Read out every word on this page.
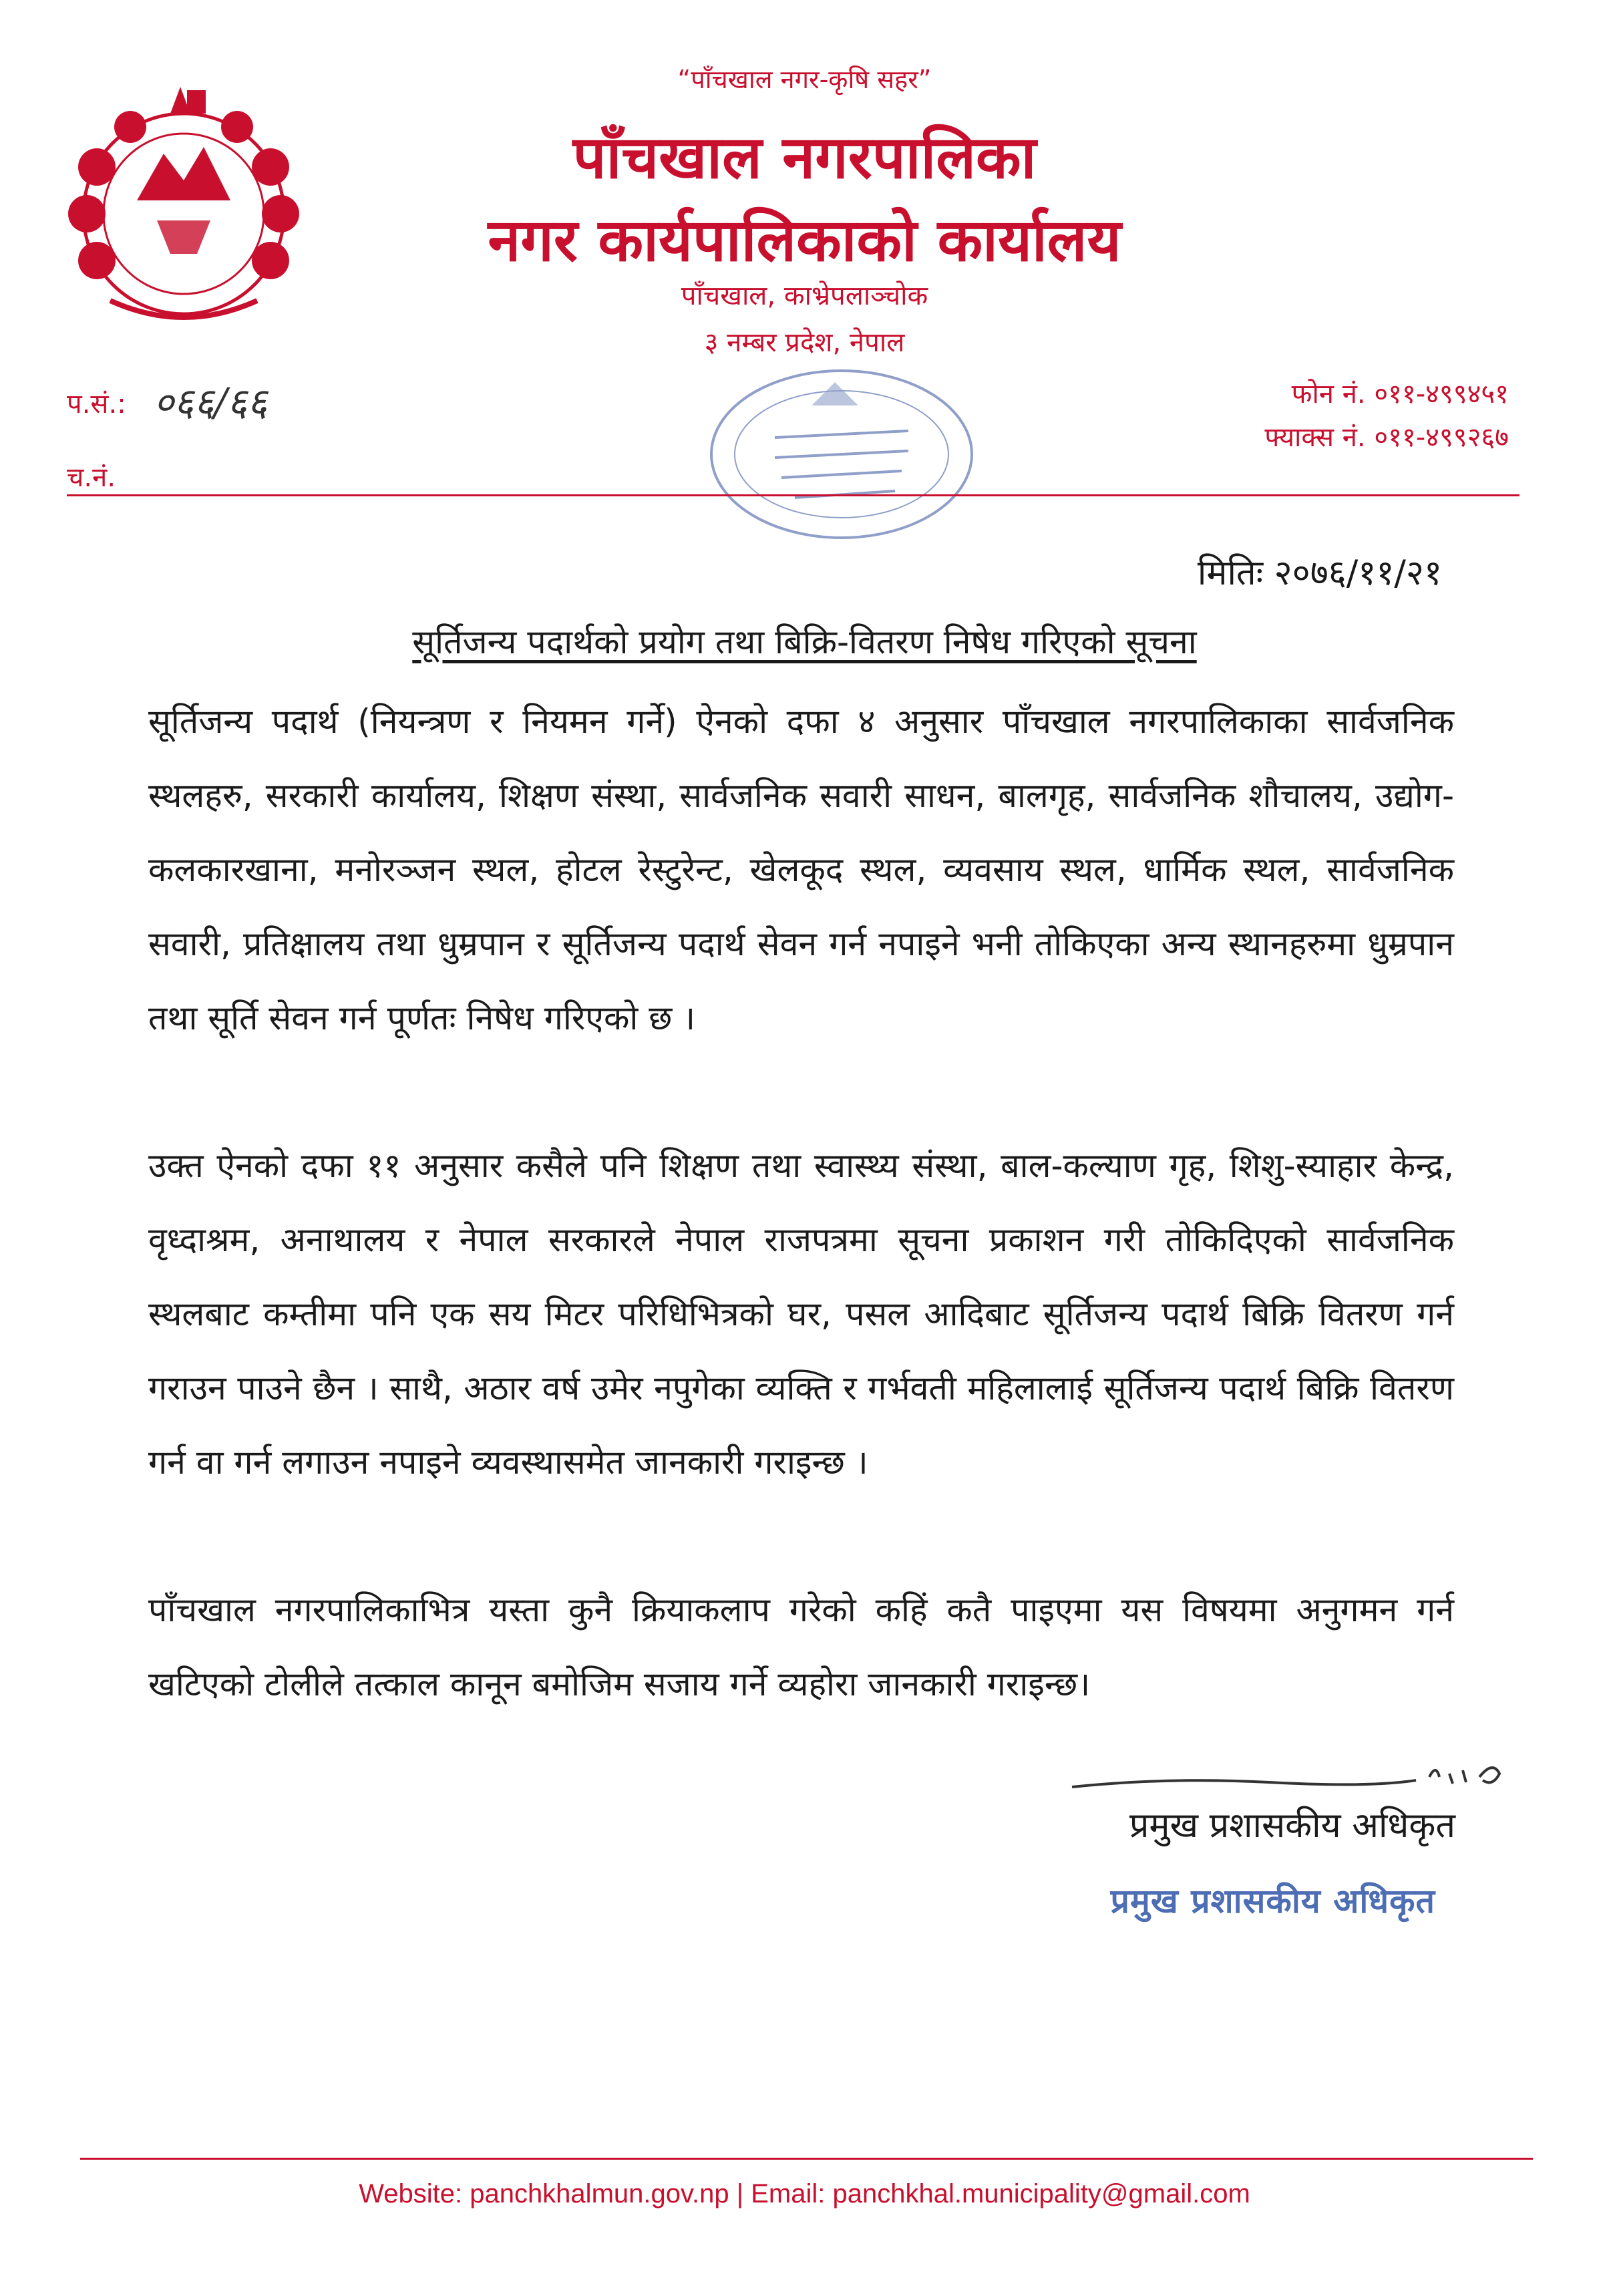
“पाँचखाल नगर-कृषि सहर”
पाँचखाल नगरपालिका
नगर कार्यपालिकाको कार्यालय
पाँचखाल, काभ्रेपलाञ्चोक
३ नम्बर प्रदेश, नेपाल
प.सं.: ०६६/६६
च.नं.
फोन नं. ०११-४९९४५१
फ्याक्स नं. ०११-४९९२६७
मितिः २०७६/११/२१
सूर्तिजन्य पदार्थको प्रयोग तथा बिक्रि-वितरण निषेध गरिएको सूचना
सूर्तिजन्य पदार्थ (नियन्त्रण र नियमन गर्ने) ऐनको दफा ४ अनुसार पाँचखाल नगरपालिकाका सार्वजनिक स्थलहरु, सरकारी कार्यालय, शिक्षण संस्था, सार्वजनिक सवारी साधन, बालगृह, सार्वजनिक शौचालय, उद्योग-कलकारखाना, मनोरञ्जन स्थल, होटल रेस्टुरेन्ट, खेलकूद स्थल, व्यवसाय स्थल, धार्मिक स्थल, सार्वजनिक सवारी, प्रतिक्षालय तथा धुम्रपान र सूर्तिजन्य पदार्थ सेवन गर्न नपाइने भनी तोकिएका अन्य स्थानहरुमा धुम्रपान तथा सूर्ति सेवन गर्न पूर्णतः निषेध गरिएको छ ।
उक्त ऐनको दफा ११ अनुसार कसैले पनि शिक्षण तथा स्वास्थ्य संस्था, बाल-कल्याण गृह, शिशु-स्याहार केन्द्र, वृध्दाश्रम, अनाथालय र नेपाल सरकारले नेपाल राजपत्रमा सूचना प्रकाशन गरी तोकिदिएको सार्वजनिक स्थलबाट कम्तीमा पनि एक सय मिटर परिधिभित्रको घर, पसल आदिबाट सूर्तिजन्य पदार्थ बिक्रि वितरण गर्न गराउन पाउने छैन । साथै, अठार वर्ष उमेर नपुगेका व्यक्ति र गर्भवती महिलालाई सूर्तिजन्य पदार्थ बिक्रि वितरण गर्न वा गर्न लगाउन नपाइने व्यवस्थासमेत जानकारी गराइन्छ ।
पाँचखाल नगरपालिकाभित्र यस्ता कुनै क्रियाकलाप गरेको कहिं कतै पाइएमा यस विषयमा अनुगमन गर्न खटिएको टोलीले तत्काल कानून बमोजिम सजाय गर्ने व्यहोरा जानकारी गराइन्छ।
प्रमुख प्रशासकीय अधिकृत
प्रमुख प्रशासकीय अधिकृत
Website: panchkhalmun.gov.np | Email: panchkhal.municipality@gmail.com
